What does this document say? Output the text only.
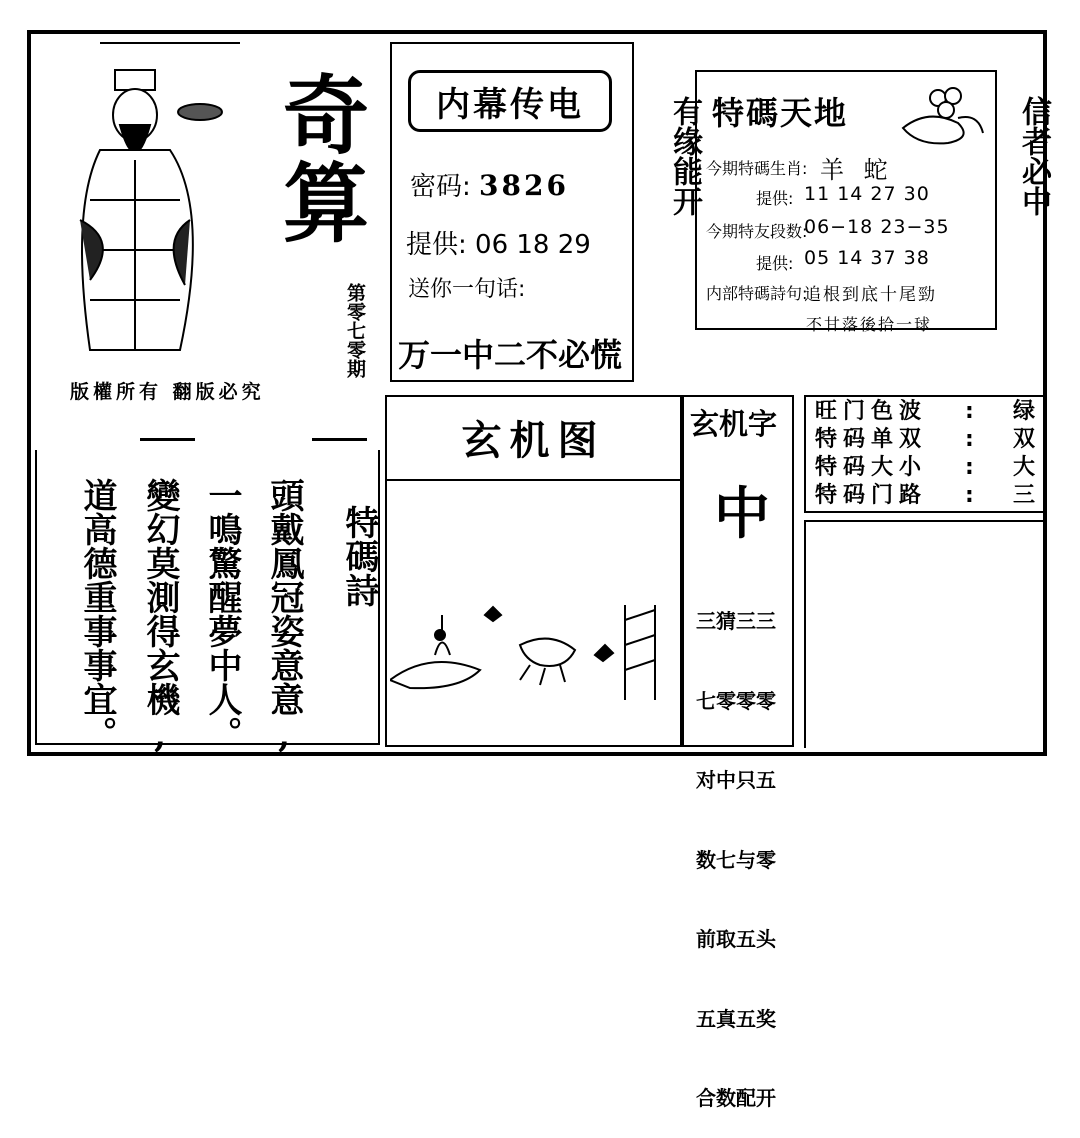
奇算
第零七零期
版權所有 翻版必究
内幕传电
密码: 3826
提供: 06 18 29
送你一句话:
万一中二不必慌
有缘能开	信者必中
特碼天地
今期特碼生肖: 羊 蛇
提供: 11 14 27 30
今期特友段数:
06−18 23−35
提供: 05 14 37 38
内部特碼詩句:
追根到底十尾勁
不甘落後拾一球
玄机图	玄机字
中

三猜三三

七零零零

对中只五

数七与零

前取五头

五真五奖

合数配开

旺门色波	:	绿
特码单双	:	双
特码大小	:	大
特码门路	:	三
特碼詩
頭戴鳳冠姿意意,
一鳴驚醒夢中人。
變幻莫測得玄機,
道高德重事事宜。
